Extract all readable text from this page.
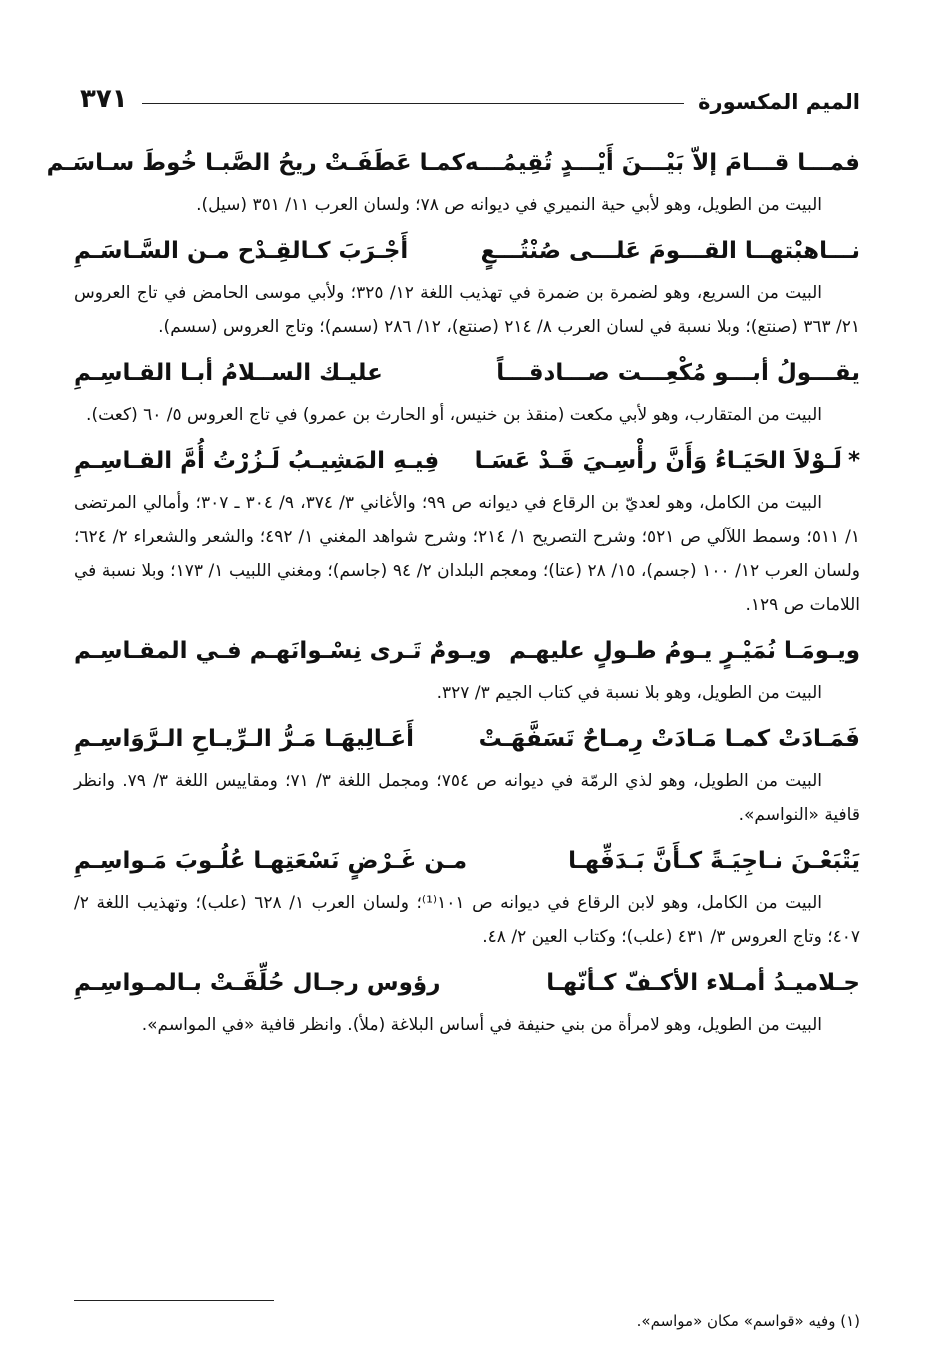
الميم المكسورة
٣٧١
فمـــا قـــامَ إلاّ بَيْـــنَ أَيْـــدٍ تُقِيمُـــه
كمـا عَطَفَـتْ ريحُ الصَّبـا خُوطَ سـاسَـم
البيت من الطويل، وهو لأبي حية النميري في ديوانه ص ٧٨؛ ولسان العرب ١١/ ٣٥١ (سيل).
نـــاهبْتهــا القـــومَ عَلـــى صُنْتُـــعٍ
أَجْـرَبَ كـالقِـدْح مـن السَّـاسَـمِ
البيت من السريع، وهو لضمرة بن ضمرة في تهذيب اللغة ١٢/ ٣٢٥؛ ولأبي موسى الحامض في تاج العروس ٢١/ ٣٦٣ (صنتع)؛ وبلا نسبة في لسان العرب ٨/ ٢١٤ (صنتع)، ١٢/ ٢٨٦ (سسم)؛ وتاج العروس (سسم).
يقـــولُ أبـــو مُكْعِـــت صـــادقـــاً
عليـك الســلامُ أبـا القـاسِـمِ
البيت من المتقارب، وهو لأبي مكعت (منقذ بن خنيس، أو الحارث بن عمرو) في تاج العروس ٥/ ٦٠ (كعت).
*لَـوْلاَ الحَيَـاءُ وَأَنَّ رأْسِـيَ قَـدْ عَسَـا
فِيـهِ المَشِيـبُ لَـزُرْتُ أُمَّ القـاسِـمِ
البيت من الكامل، وهو لعديّ بن الرقاع في ديوانه ص ٩٩؛ والأغاني ٣/ ٣٧٤، ٩/ ٣٠٤ ـ ٣٠٧؛ وأمالي المرتضى ١/ ٥١١؛ وسمط اللآلي ص ٥٢١؛ وشرح التصريح ١/ ٢١٤؛ وشرح شواهد المغني ١/ ٤٩٢؛ والشعر والشعراء ٢/ ٦٢٤؛ ولسان العرب ١٢/ ١٠٠ (جسم)، ١٥/ ٢٨ (عتا)؛ ومعجم البلدان ٢/ ٩٤ (جاسم)؛ ومغني اللبيب ١/ ١٧٣؛ وبلا نسبة في اللامات ص ١٢٩.
ويـومَـا نُمَيْـرٍ يـومُ طـولٍ عليهـم
ويـومٌ تَـرى نِسْـوانَهـم فـي المقـاسِـم
البيت من الطويل، وهو بلا نسبة في كتاب الجيم ٣/ ٣٢٧.
فَمَـادَتْ كمـا مَـادَتْ رِمـاحٌ تَسَفَّهَـتْ
أَعَـالِيهَـا مَـرُّ الـرِّيـاحِ الـرَّوَاسِـمِ
البيت من الطويل، وهو لذي الرمّة في ديوانه ص ٧٥٤؛ ومجمل اللغة ٣/ ٧١؛ ومقاييس اللغة ٣/ ٧٩. وانظر قافية «النواسم».
يَتْبَعْـنَ نـاجِيَـةً كـأَنَّ بَـدَفِّهـا
مـن غَـرْضٍ نَسْعَتِهـا عُلُـوبَ مَـواسِـمِ
البيت من الكامل، وهو لابن الرقاع في ديوانه ص ١٠١⁽¹⁾؛ ولسان العرب ١/ ٦٢٨ (علب)؛ وتهذيب اللغة ٢/ ٤٠٧؛ وتاج العروس ٣/ ٤٣١ (علب)؛ وكتاب العين ٢/ ٤٨.
جـلاميـدُ أمـلاء الأكـفّ كـأنّهـا
رؤوس رجـال حُلِّقَـتْ بـالمـواسِـمِ
البيت من الطويل، وهو لامرأة من بني حنيفة في أساس البلاغة (ملأ). وانظر قافية «في المواسم».
(١) وفيه «قواسم» مكان «مواسم».
